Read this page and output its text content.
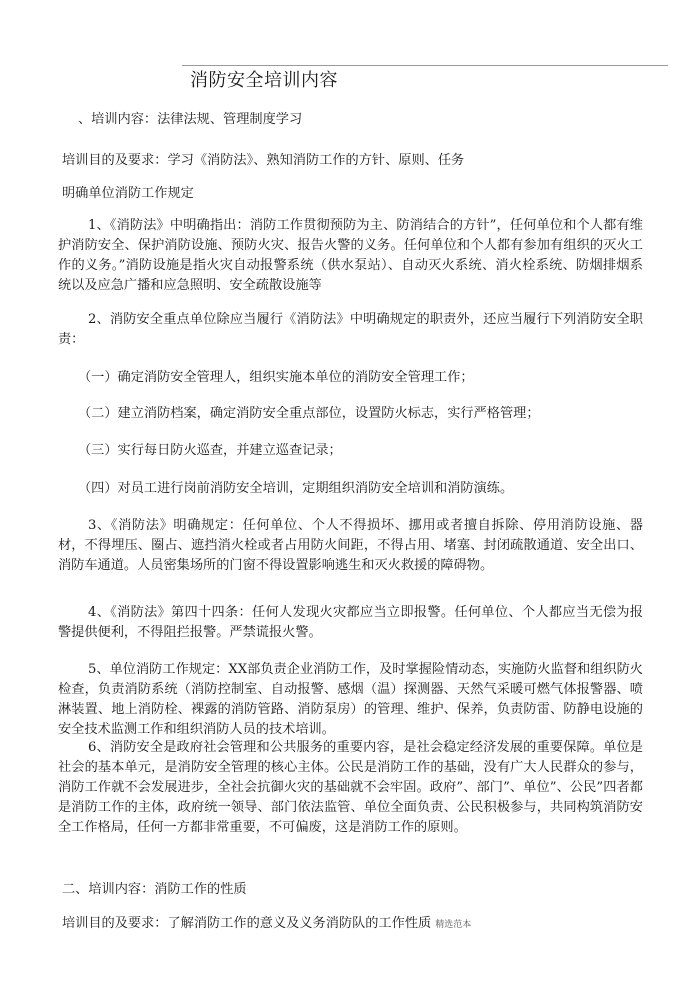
消防安全培训内容
、培训内容：法律法规、管理制度学习
培训目的及要求：学习《消防法》、熟知消防工作的方针、原则、任务
明确单位消防工作规定
1、《消防法》中明确指出：消防工作贯彻预防为主、防消结合的方针”，任何单位和个人都有维护消防安全、保护消防设施、预防火灾、报告火警的义务。任何单位和个人都有参加有组织的灭火工作的义务。”消防设施是指火灾自动报警系统（供水泵站）、自动灭火系统、消火栓系统、防烟排烟系统以及应急广播和应急照明、安全疏散设施等
2、消防安全重点单位除应当履行《消防法》中明确规定的职责外，还应当履行下列消防安全职责：
（一）确定消防安全管理人，组织实施本单位的消防安全管理工作；
（二）建立消防档案，确定消防安全重点部位，设置防火标志，实行严格管理；
（三）实行每日防火巡查，并建立巡查记录；
（四）对员工进行岗前消防安全培训，定期组织消防安全培训和消防演练。
3、《消防法》明确规定：任何单位、个人不得损坏、挪用或者擅自拆除、停用消防设施、器材，不得埋压、圈占、遮挡消火栓或者占用防火间距，不得占用、堵塞、封闭疏散通道、安全出口、消防车通道。人员密集场所的门窗不得设置影响逃生和灭火救援的障碍物。
4、《消防法》第四十四条：任何人发现火灾都应当立即报警。任何单位、个人都应当无偿为报警提供便利，不得阻拦报警。严禁谎报火警。
5、单位消防工作规定：XX部负责企业消防工作，及时掌握险情动态，实施防火监督和组织防火检查，负责消防系统（消防控制室、自动报警、感烟（温）探测器、天然气采暖可燃气体报警器、喷淋装置、地上消防栓、裸露的消防管路、消防泵房）的管理、维护、保养，负责防雷、防静电设施的安全技术监测工作和组织消防人员的技术培训。
6、消防安全是政府社会管理和公共服务的重要内容，是社会稳定经济发展的重要保障。单位是社会的基本单元，是消防安全管理的核心主体。公民是消防工作的基础，没有广大人民群众的参与，消防工作就不会发展进步，全社会抗御火灾的基础就不会牢固。政府”、部门”、单位”、公民”四者都是消防工作的主体，政府统一领导、部门依法监管、单位全面负责、公民积极参与，共同构筑消防安全工作格局，任何一方都非常重要，不可偏废，这是消防工作的原则。
二、培训内容：消防工作的性质
培训目的及要求：了解消防工作的意义及义务消防队的工作性质 精选范本
